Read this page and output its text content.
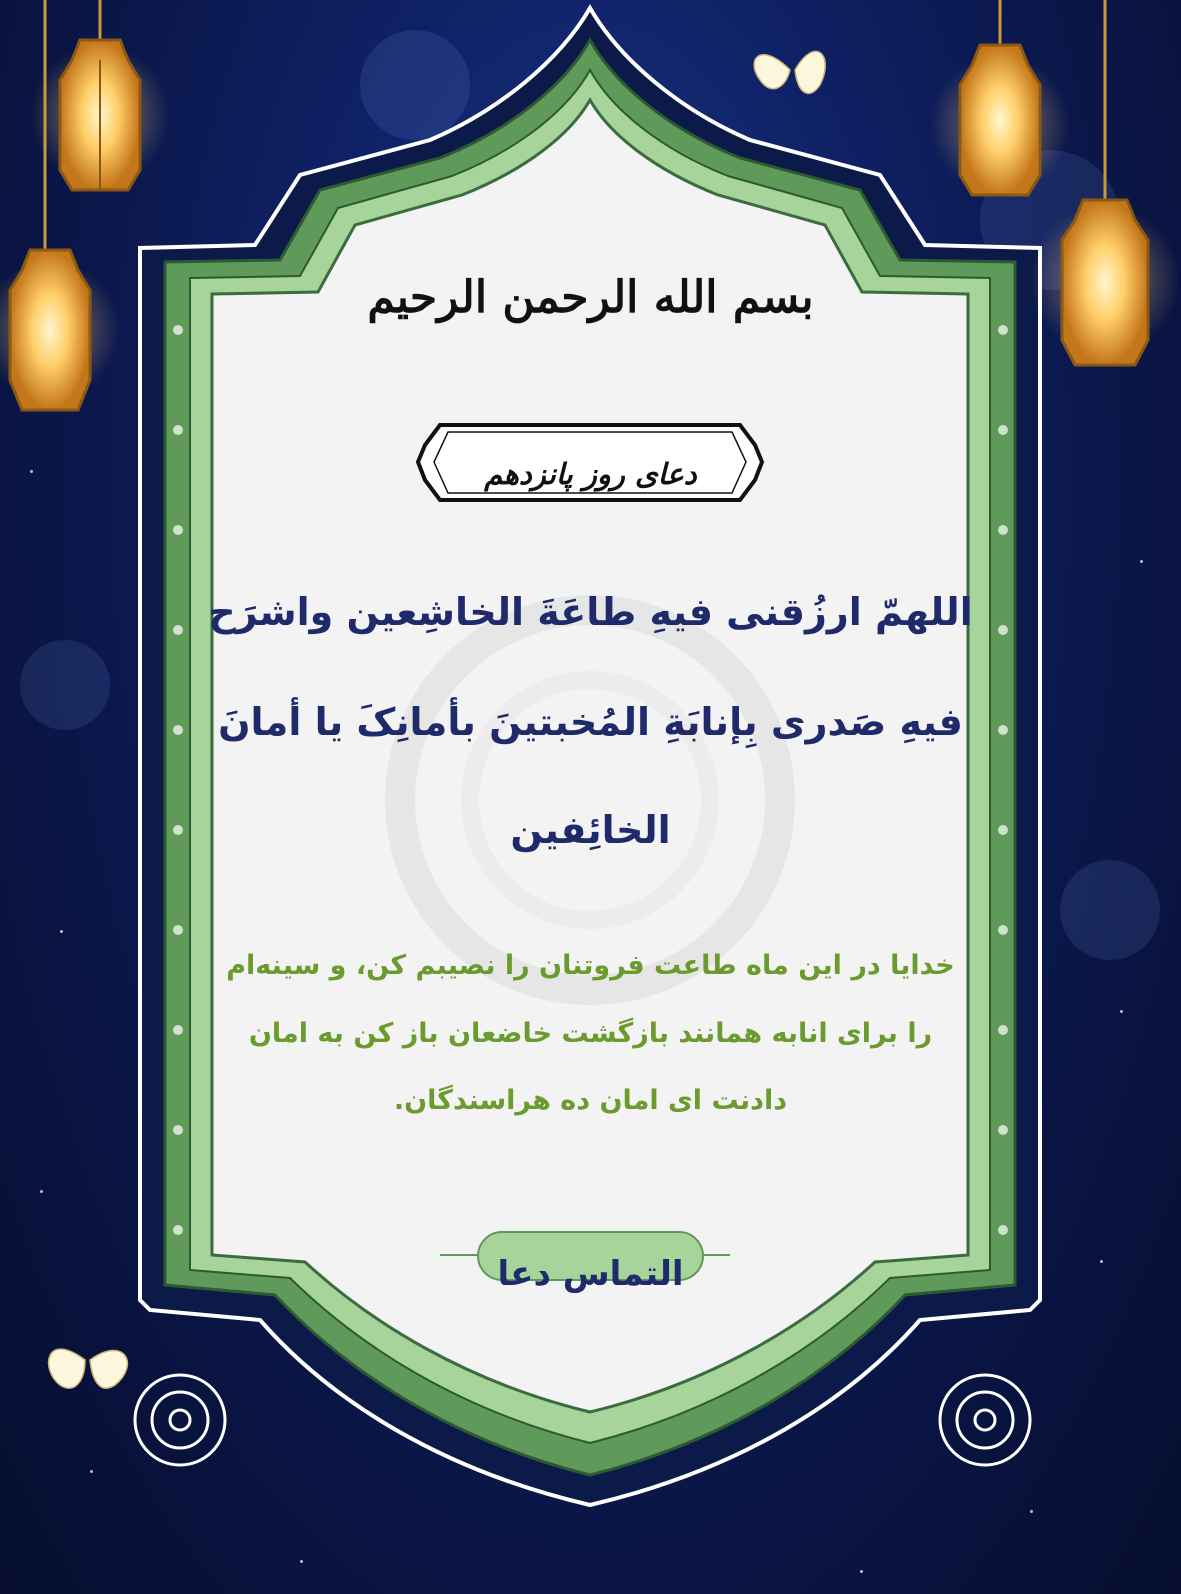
بسم الله الرحمن الرحیم
دعای روز پانزدهم
اللهمّ ارزُقنی فیهِ طاعَةَ الخاشِعین واشرَح
فیهِ صَدری بِإنابَةِ المُخبتینَ بأمانِکَ یا أمانَ
الخائِفین
خدایا در این ماه طاعت فروتنان را نصیبم کن، و سینه‌ام
را برای انابه همانند بازگشت خاضعان باز کن به امان
دادنت ای امان ده هراسندگان.
التماس دعا
